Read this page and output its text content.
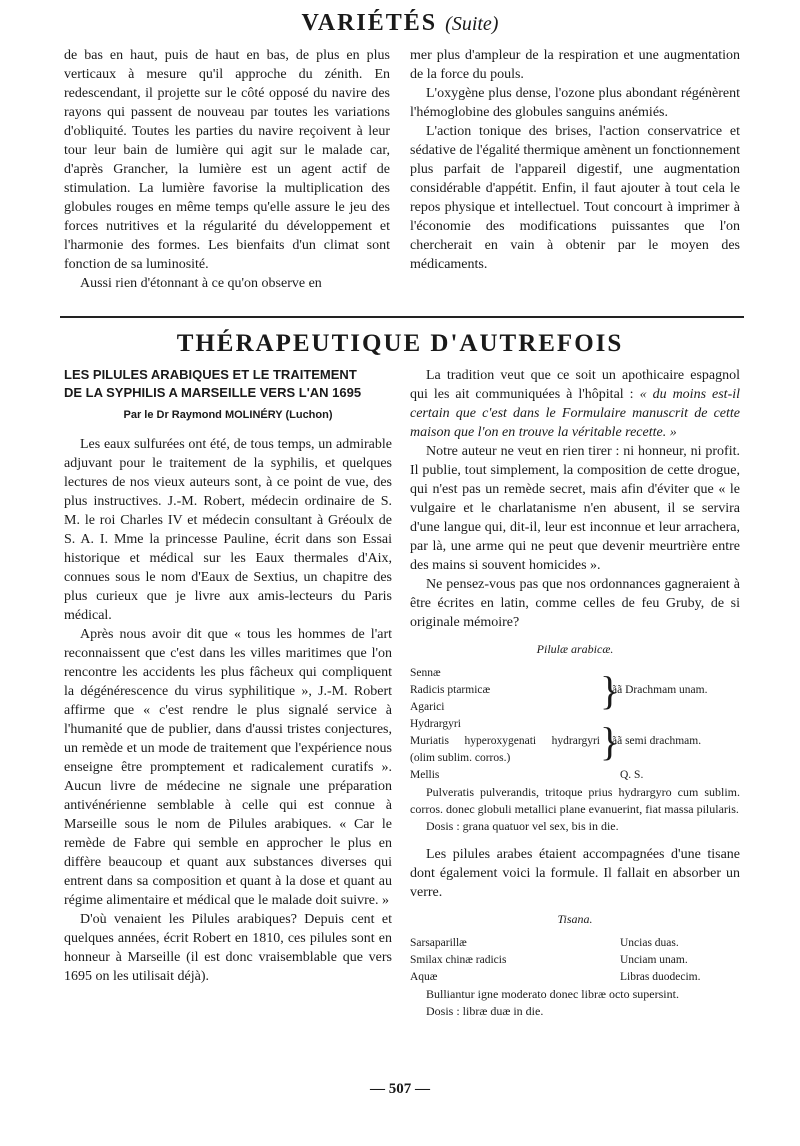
VARIÉTÉS (Suite)

de bas en haut, puis de haut en bas, de plus en plus verticaux à mesure qu'il approche du zénith. En redescendant, il projette sur le côté opposé du navire des rayons qui passent de nouveau par toutes les variations d'obliquité. Toutes les parties du navire reçoivent à leur tour leur bain de lumière qui agit sur le malade car, d'après Grancher, la lumière est un agent actif de stimulation. La lumière favorise la multiplication des globules rouges en même temps qu'elle assure le jeu des forces nutritives et la régularité du développement et l'harmonie des formes. Les bienfaits d'un climat sont fonction de sa luminosité.

Aussi rien d'étonnant à ce qu'on observe en

mer plus d'ampleur de la respiration et une augmentation de la force du pouls.

L'oxygène plus dense, l'ozone plus abondant régénèrent l'hémoglobine des globules sanguins anémiés.

L'action tonique des brises, l'action conservatrice et sédative de l'égalité thermique amènent un fonctionnement plus parfait de l'appareil digestif, une augmentation considérable d'appétit. Enfin, il faut ajouter à tout cela le repos physique et intellectuel. Tout concourt à imprimer à l'économie des modifications puissantes que l'on chercherait en vain à obtenir par le moyen des médicaments.

THÉRAPEUTIQUE D'AUTREFOIS
LES PILULES ARABIQUES ET LE TRAITEMENT
DE LA SYPHILIS A MARSEILLE VERS L'AN 1695
Par le Dr Raymond MOLINÉRY (Luchon)

Les eaux sulfurées ont été, de tous temps, un admirable adjuvant pour le traitement de la syphilis, et quelques lectures de nos vieux auteurs sont, à ce point de vue, des plus instructives. J.-M. Robert, médecin ordinaire de S. M. le roi Charles IV et médecin consultant à Gréoulx de S. A. I. Mme la princesse Pauline, écrit dans son Essai historique et médical sur les Eaux thermales d'Aix, connues sous le nom d'Eaux de Sextius, un chapitre des plus curieux que je livre aux amis-lecteurs du Paris médical.

Après nous avoir dit que « tous les hommes de l'art reconnaissent que c'est dans les villes maritimes que l'on rencontre les accidents les plus fâcheux qui compliquent la dégénérescence du virus syphilitique », J.-M. Robert affirme que « c'est rendre le plus signalé service à l'humanité que de publier, dans d'aussi tristes conjectures, un remède et un mode de traitement que l'expérience nous enseigne être promptement et radicalement curatifs ». Aucun livre de médecine ne signale une préparation antivénérienne semblable à celle qui est connue à Marseille sous le nom de Pilules arabiques. « Car le remède de Fabre qui semble en approcher le plus en diffère beaucoup et quant aux substances diverses qui entrent dans sa composition et quant à la dose et quant au régime alimentaire et médical que le malade doit suivre. »

D'où venaient les Pilules arabiques? Depuis cent et quelques années, écrit Robert en 1810, ces pilules sont en honneur à Marseille (il est donc vraisemblable que vers 1695 on les utilisait déjà).

La tradition veut que ce soit un apothicaire espagnol qui les ait communiquées à l'hôpital : « du moins est-il certain que c'est dans le Formulaire manuscrit de cette maison que l'on en trouve la véritable recette. »

Notre auteur ne veut en rien tirer : ni honneur, ni profit. Il publie, tout simplement, la composition de cette drogue, qui n'est pas un remède secret, mais afin d'éviter que « le vulgaire et le charlatanisme n'en abusent, il se servira d'une langue qui, dit-il, leur est inconnue et leur arrachera, par là, une arme qui ne peut que devenir meurtrière entre des mains si souvent homicides ».

Ne pensez-vous pas que nos ordonnances gagneraient à être écrites en latin, comme celles de feu Gruby, de si originale mémoire?

Pilulæ arabicæ.
Sennæ
Radicis ptarmicæ
Agarici	}
ãã Drachmam unam.
Hydrargyri
Muriatis hyperoxygenati hydrargyri (olim sublim. corros.)	}
ãã semi drachmam.
Mellis	Q. S.

Pulveratis pulverandis, tritoque prius hydrargyro cum sublim. corros. donec globuli metallici plane evanuerint, fiat massa pilularis.

Dosis : grana quatuor vel sex, bis in die.

Les pilules arabes étaient accompagnées d'une tisane dont également voici la formule. Il fallait en absorber un verre.

Tisana.
Sarsaparillæ	Uncias duas.
Smilax chinæ radicis	Unciam unam.
Aquæ	Libras duodecim.

Bulliantur igne moderato donec libræ octo supersint.

Dosis : libræ duæ in die.

— 507 —
